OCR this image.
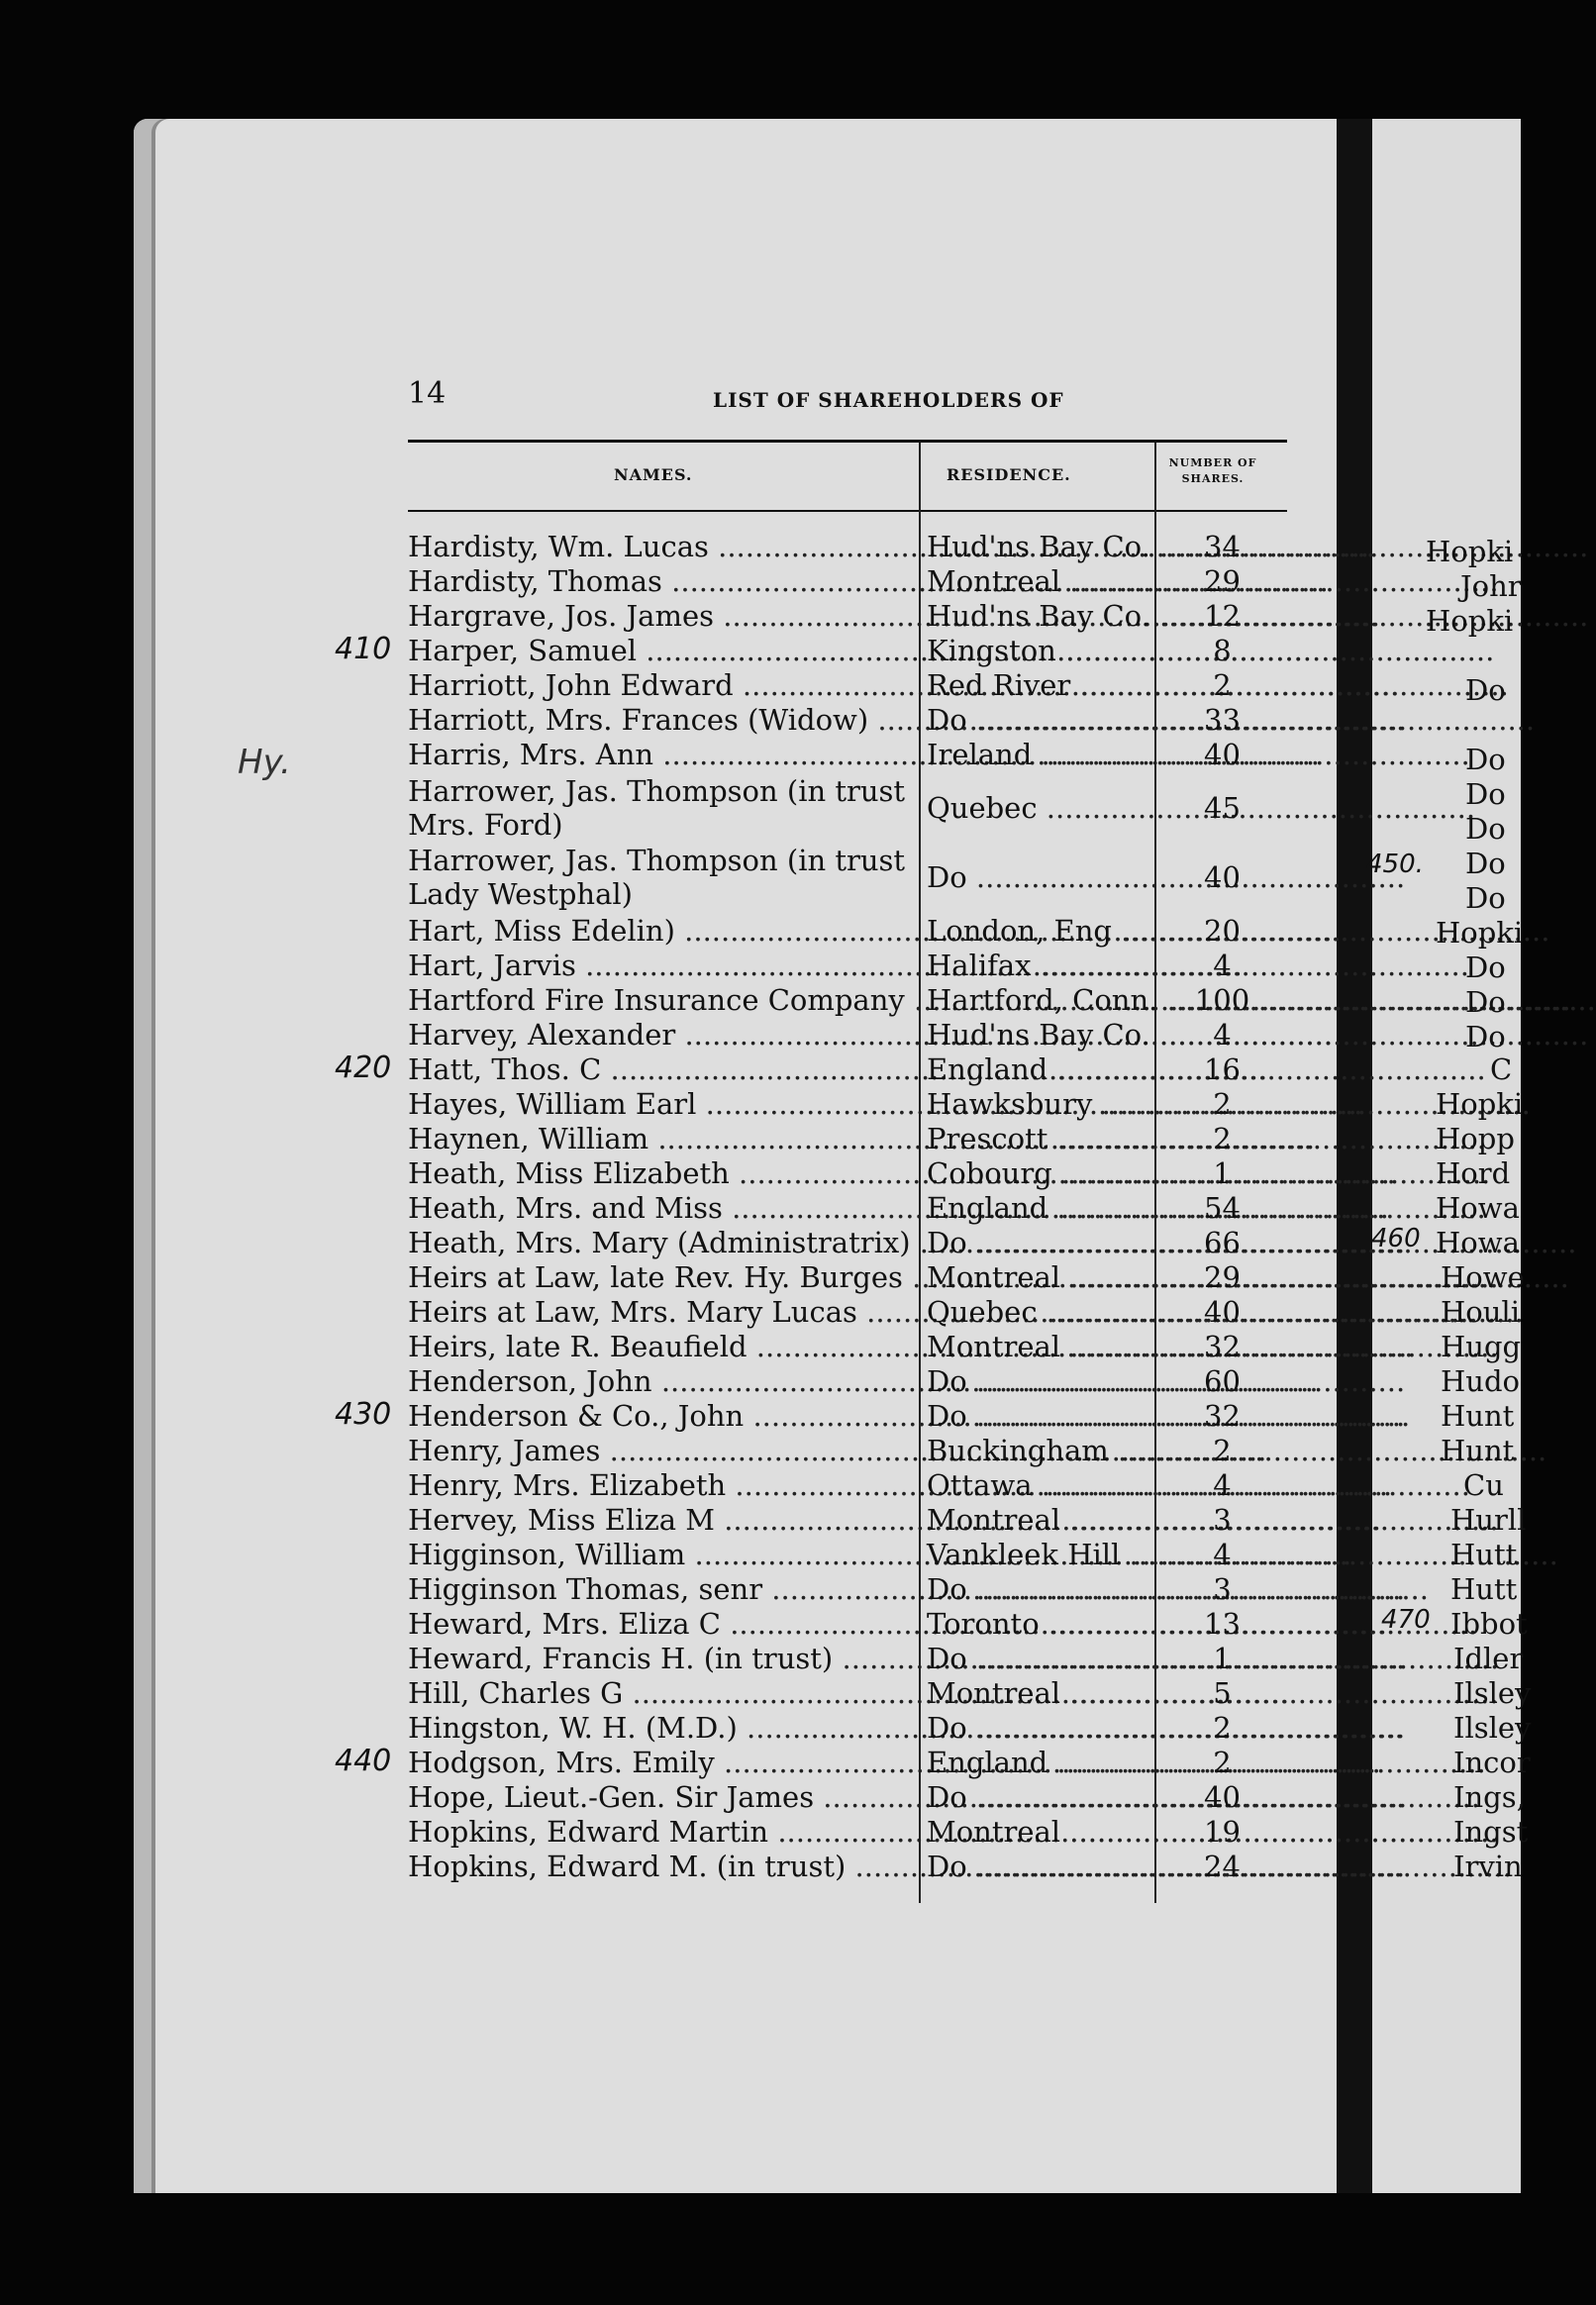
14	LIST OF SHAREHOLDERS OF
NAMES.	RESIDENCE.
NUMBER OF
SHARES.
Hardisty, Wm. Lucas .....	Hud'ns Bay Co. .....	34
Hardisty, Thomas .....	Montreal .....	29
Hargrave, Jos. James .....	Hud'ns Bay Co. .....	12
Harper, Samuel .....	Kingston .....	8
Harriott, John Edward .....	Red River .....	2
Harriott, Mrs. Frances (Widow) .....	Do .....	33
Harris, Mrs. Ann .....	Ireland .....	40
Harrower, Jas. Thompson (in trust Mrs. Ford)	Quebec .....	45
Harrower, Jas. Thompson (in trust Lady Westphal)	Do .....	40
Hart, Miss Edelin) .....	London, Eng .....	20
Hart, Jarvis .....	Halifax .....	4
Hartford Fire Insurance Company ..... Hartford, Conn. .....	100
Harvey, Alexander .....	Hud'ns Bay Co. .....	4
Hatt, Thos. C .....	England .....	16
Hayes, William Earl .....	Hawksbury .....	2
Haynen, William .....	Prescott .....	2
Heath, Miss Elizabeth .....	Cobourg .....	1
Heath, Mrs. and Miss .....	England .....	54
Heath, Mrs. Mary (Administratrix) ..... Do .....	66
Heirs at Law, late Rev. Hy. Burges ..... Montreal .....	29
Heirs at Law, Mrs. Mary Lucas .....	Quebec .....	40
Heirs, late R. Beaufield .....	Montreal .....	32
Henderson, John .....	Do .....	60
Henderson & Co., John .....	Do .....	32
Henry, James .....	Buckingham .....	2
Henry, Mrs. Elizabeth .....	Ottawa .....	4
Hervey, Miss Eliza M .....	Montreal .....	3
Higginson, William .....	Vankleek Hill .....	4
Higginson Thomas, senr .....	Do .....	3
Heward, Mrs. Eliza C .....	Toronto .....	13
Heward, Francis H. (in trust) .....	Do .....	1
Hill, Charles G .....	Montreal .....	5
Hingston, W. H. (M.D.) .....	Do .....	2
Hodgson, Mrs. Emily .....	England .....	2
Hope, Lieut.-Gen. Sir James .....	Do .....	40
Hopkins, Edward Martin .....	Montreal .....	19
Hopkins, Edward M. (in trust) .....	Do .....	24
410
420
430
440
Hy.
Hopki
Johr
Hopki
Do
Do
Do
Do
Do
Do
Hopki
Do
Do
Do
C
Hopki
Hopp
Hord
Howa
Howa
Howe
Houli
Hugg
Hudo
Hunt
Hunt
Cu
Hurll
Hutt
Hutt
Ibbot
Idler
Ilsley
Ilsley
Incor
Ings,
Ingst
Irvin
450.
460
470
